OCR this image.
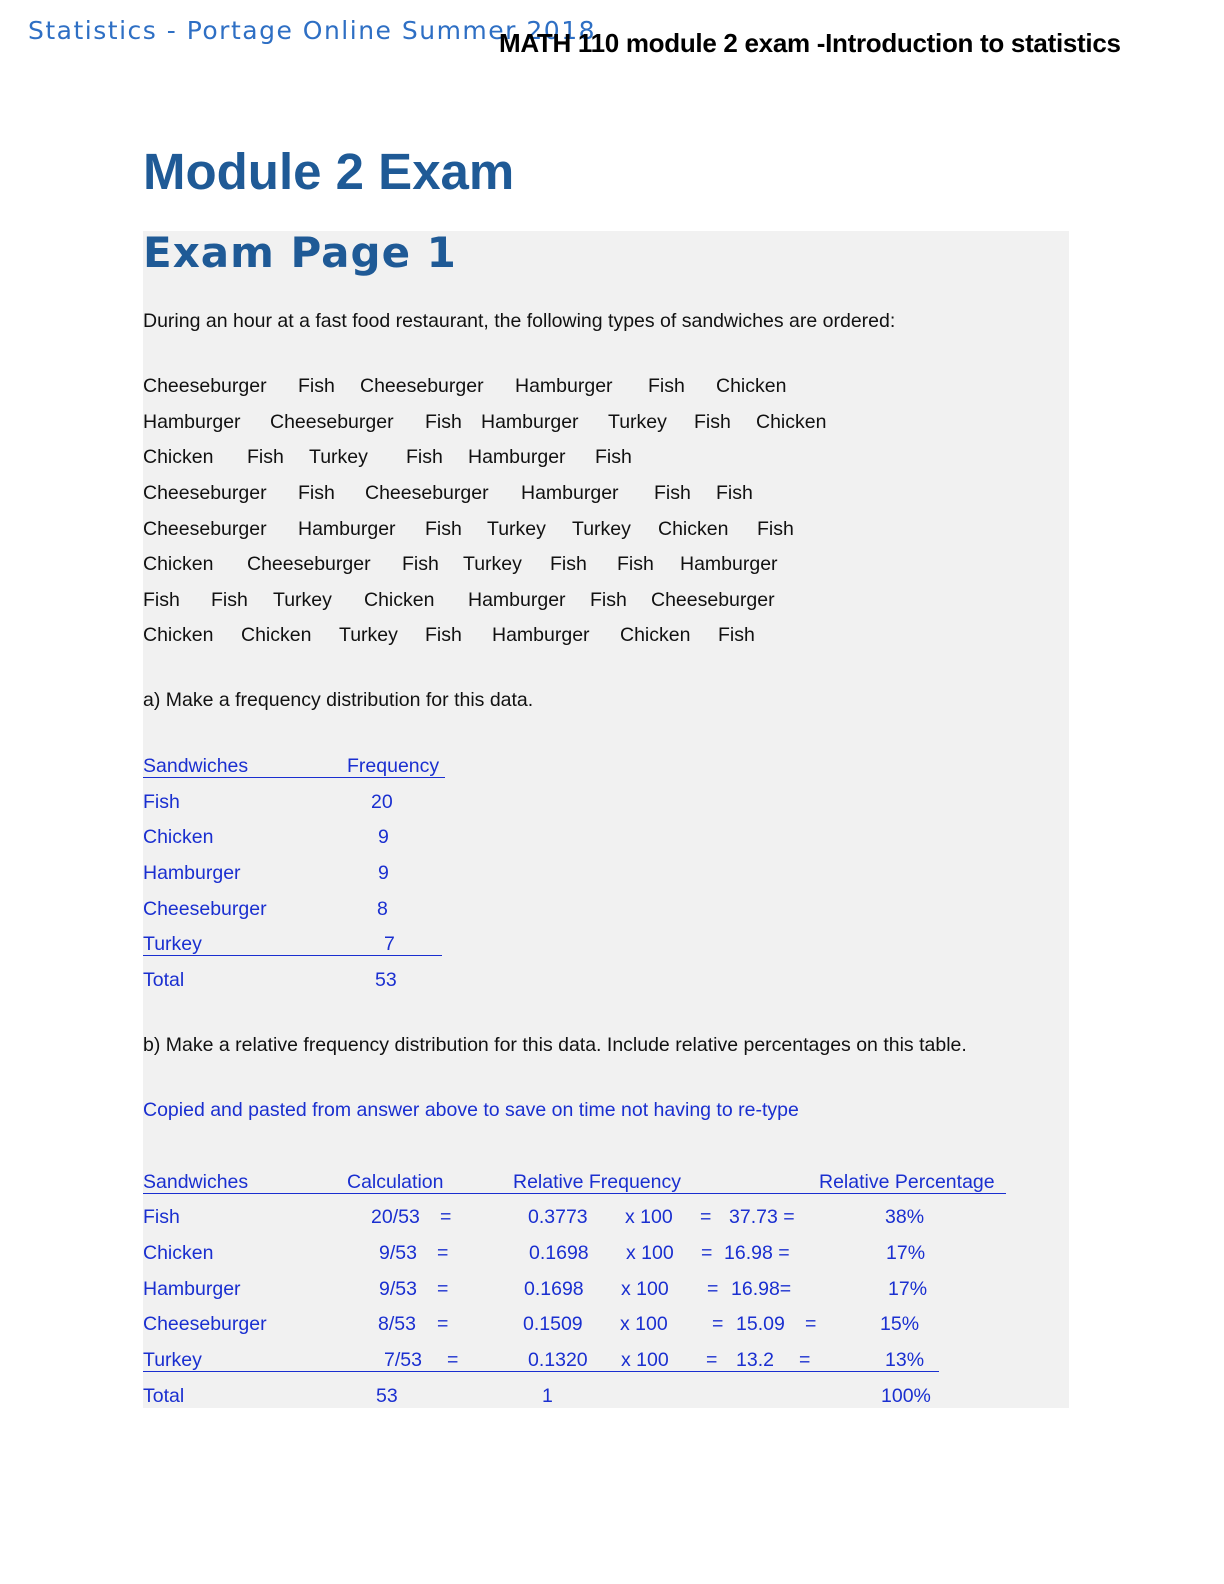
Statistics - Portage Online Summer 2018
MATH 110 module 2 exam -Introduction to statistics
Module 2 Exam
Exam Page 1
During an hour at a fast food restaurant, the following types of sandwiches are ordered:
Cheeseburger Fish Cheeseburger Hamburger Fish Chicken
Hamburger Cheeseburger Fish Hamburger Turkey Fish Chicken
Chicken Fish Turkey Fish Hamburger Fish
Cheeseburger Fish Cheeseburger Hamburger Fish Fish
Cheeseburger Hamburger Fish Turkey Turkey Chicken Fish
Chicken Cheeseburger Fish Turkey Fish Fish Hamburger
Fish Fish Turkey Chicken Hamburger Fish Cheeseburger
Chicken Chicken Turkey Fish Hamburger Chicken Fish
a) Make a frequency distribution for this data.
Sandwiches	Frequency
Fish	20
Chicken	9
Hamburger	9
Cheeseburger	8
Turkey	7
Total	53
b) Make a relative frequency distribution for this data. Include relative percentages on this table.
Copied and pasted from answer above to save on time not having to re-type
Sandwiches	Calculation	Relative Frequency	Relative Percentage
Fish	20/53 =	0.3773 x 100 = 37.73 =	38%
Chicken	9/53 =	0.1698 x 100 = 16.98 =	17%
Hamburger	9/53 =	0.1698 x 100 = 16.98=	17%
Cheeseburger	8/53 =	0.1509 x 100 = 15.09 =	15%
Turkey	7/53 =	0.1320 x 100 = 13.2 =	13%
Total	53	1	100%
